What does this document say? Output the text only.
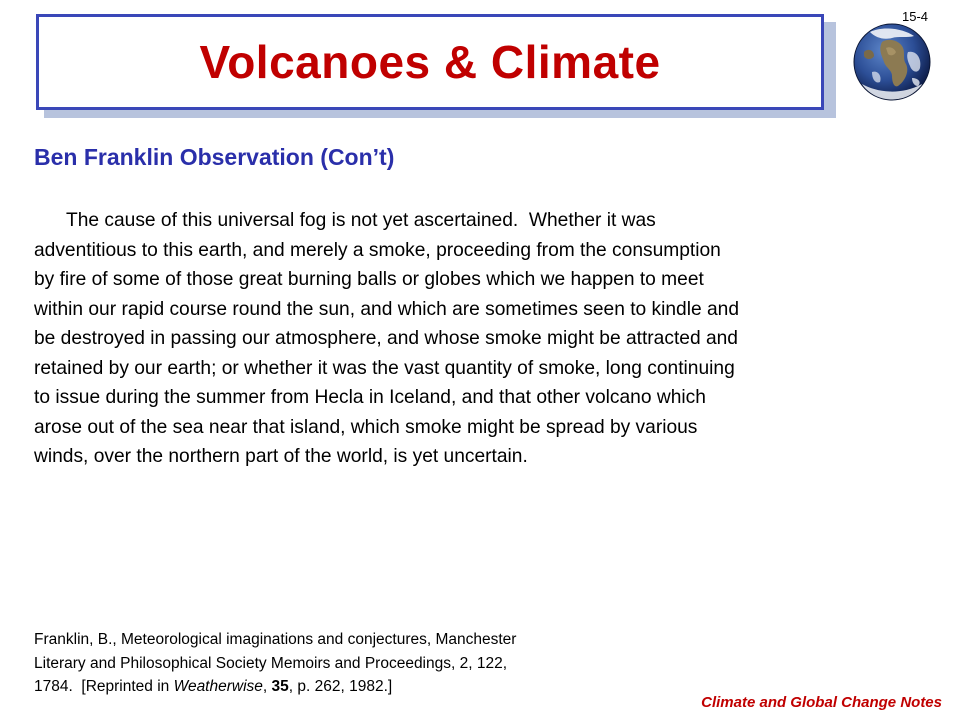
Volcanoes & Climate
15-4
Ben Franklin Observation (Con’t)

The cause of this universal fog is not yet ascertained.  Whether it was
adventitious to this earth, and merely a smoke, proceeding from the consumption
by fire of some of those great burning balls or globes which we happen to meet
within our rapid course round the sun, and which are sometimes seen to kindle and
be destroyed in passing our atmosphere, and whose smoke might be attracted and
retained by our earth; or whether it was the vast quantity of smoke, long continuing
to issue during the summer from Hecla in Iceland, and that other volcano which
arose out of the sea near that island, which smoke might be spread by various
winds, over the northern part of the world, is yet uncertain.

Franklin, B., Meteorological imaginations and conjectures, Manchester
Literary and Philosophical Society Memoirs and Proceedings, 2, 122,
1784.  [Reprinted in Weatherwise, 35, p. 262, 1982.]
Climate and Global Change Notes
